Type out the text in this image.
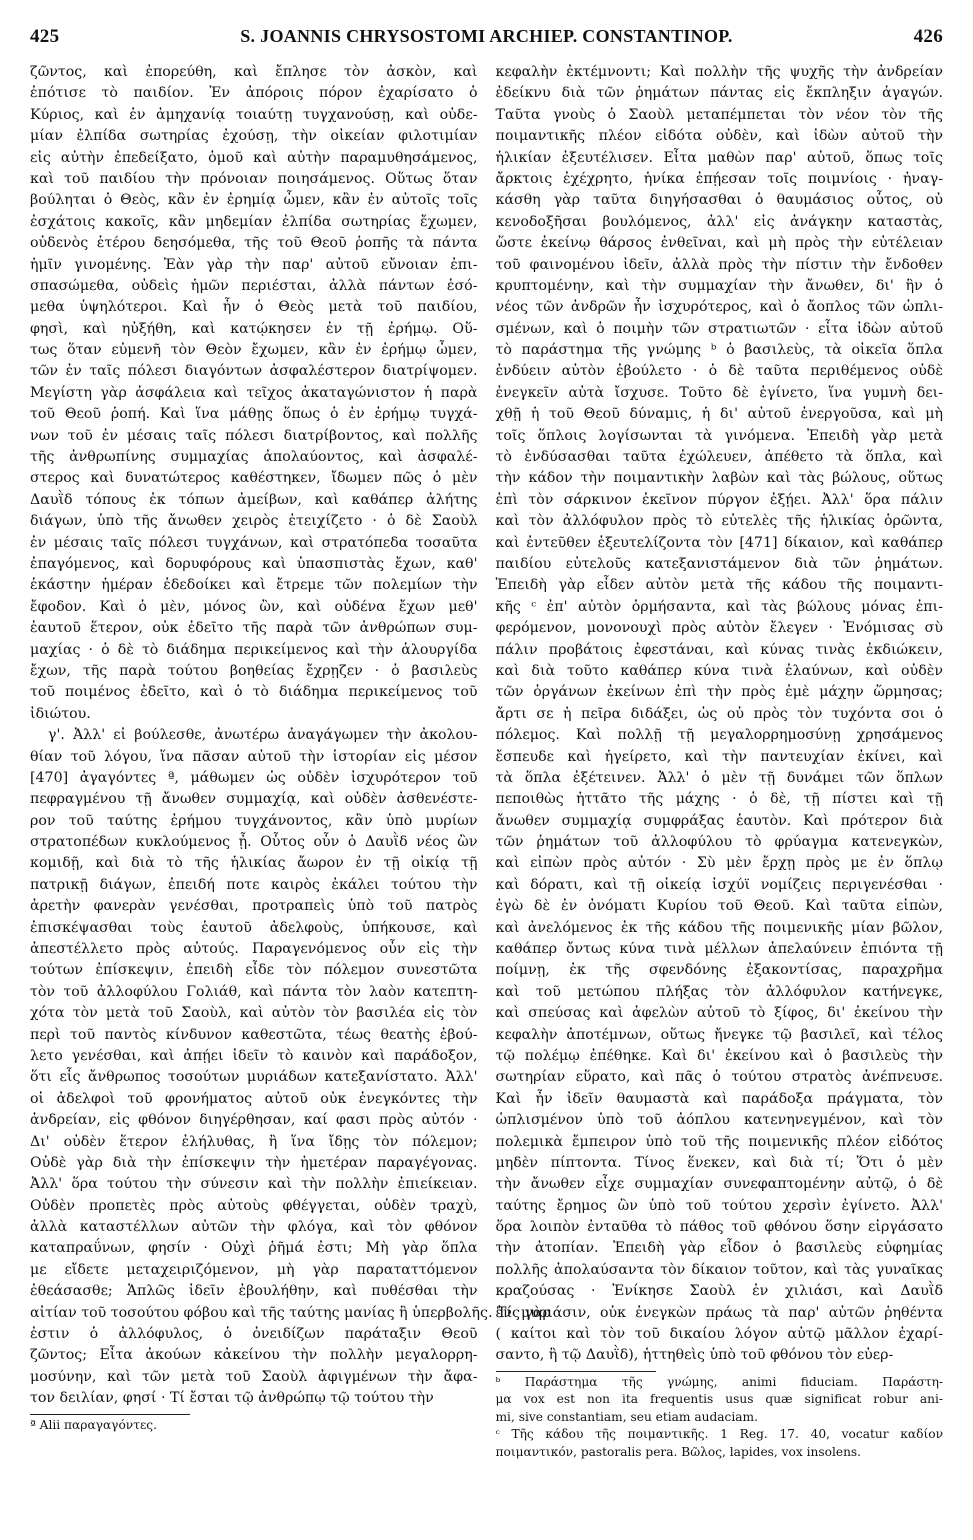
425	S. JOANNIS CHRYSOSTOMI ARCHIEP. CONSTANTINOP.	426
ζῶντος, καὶ ἐπορεύθη, καὶ ἔπλησε τὸν ἀσκὸν, καὶ
ἐπότισε τὸ παιδίον. Ἐν ἀπόροις πόρον ἐχαρίσατο ὁ
Κύριος, καὶ ἐν ἀμηχανίᾳ τοιαύτῃ τυγχανούσῃ, καὶ οὐδε-
μίαν ἐλπίδα σωτηρίας ἐχούσῃ, τὴν οἰκείαν φιλοτιμίαν
εἰς αὐτὴν ἐπεδείξατο, ὁμοῦ καὶ αὐτὴν παραμυθησάμενος,
καὶ τοῦ παιδίου τὴν πρόνοιαν ποιησάμενος. Οὕτως ὅταν
βούληται ὁ Θεὸς, κἂν ἐν ἐρημίᾳ ὦμεν, κἂν ἐν αὐτοῖς τοῖς
ἐσχάτοις κακοῖς, κἂν μηδεμίαν ἐλπίδα σωτηρίας ἔχωμεν,
οὐδενὸς ἑτέρου δεησόμεθα, τῆς τοῦ Θεοῦ ῥοπῆς τὰ πάντα
ἡμῖν γινομένης. Ἐὰν γὰρ τὴν παρ' αὐτοῦ εὔνοιαν ἐπι-
σπασώμεθα, οὐδεὶς ἡμῶν περιέσται, ἀλλὰ πάντων ἐσό-
μεθα ὑψηλότεροι. Καὶ ἦν ὁ Θεὸς μετὰ τοῦ παιδίου,
φησὶ, καὶ ηὐξήθη, καὶ κατῴκησεν ἐν τῇ ἐρήμῳ. Οὕ-
τως ὅταν εὐμενῆ τὸν Θεὸν ἔχωμεν, κἂν ἐν ἐρήμῳ ὦμεν,
τῶν ἐν ταῖς πόλεσι διαγόντων ἀσφαλέστερον διατρίψομεν.
Μεγίστη γὰρ ἀσφάλεια καὶ τεῖχος ἀκαταγώνιστον ἡ παρὰ
τοῦ Θεοῦ ῥοπή. Καὶ ἵνα μάθῃς ὅπως ὁ ἐν ἐρήμῳ τυγχά-
νων τοῦ ἐν μέσαις ταῖς πόλεσι διατρίβοντος, καὶ πολλῆς
τῆς ἀνθρωπίνης συμμαχίας ἀπολαύοντος, καὶ ἀσφαλέ-
στερος καὶ δυνατώτερος καθέστηκεν, ἴδωμεν πῶς ὁ μὲν
Δαυῒδ τόπους ἐκ τόπων ἀμείβων, καὶ καθάπερ ἀλήτης
διάγων, ὑπὸ τῆς ἄνωθεν χειρὸς ἐτειχίζετο · ὁ δὲ Σαοὺλ
ἐν μέσαις ταῖς πόλεσι τυγχάνων, καὶ στρατόπεδα τοσαῦτα
ἐπαγόμενος, καὶ δορυφόρους καὶ ὑπασπιστὰς ἔχων, καθ'
ἑκάστην ἡμέραν ἐδεδοίκει καὶ ἔτρεμε τῶν πολεμίων τὴν
ἔφοδον. Καὶ ὁ μὲν, μόνος ὢν, καὶ οὐδένα ἔχων μεθ'
ἑαυτοῦ ἕτερον, οὐκ ἐδεῖτο τῆς παρὰ τῶν ἀνθρώπων συμ-
μαχίας · ὁ δὲ τὸ διάδημα περικείμενος καὶ τὴν ἁλουργίδα
ἔχων, τῆς παρὰ τούτου βοηθείας ἔχρῃζεν · ὁ βασιλεὺς
τοῦ ποιμένος ἐδεῖτο, καὶ ὁ τὸ διάδημα περικείμενος τοῦ
ἰδιώτου.
γ'. Ἀλλ' εἰ βούλεσθε, ἀνωτέρω ἀναγάγωμεν τὴν ἀκολου-
θίαν τοῦ λόγου, ἵνα πᾶσαν αὐτοῦ τὴν ἱστορίαν εἰς μέσον
[470] ἀγαγόντες ª, μάθωμεν ὡς οὐδὲν ἰσχυρότερον τοῦ
πεφραγμένου τῇ ἄνωθεν συμμαχίᾳ, καὶ οὐδὲν ἀσθενέστε-
ρον τοῦ ταύτης ἐρήμου τυγχάνοντος, κἂν ὑπὸ μυρίων
στρατοπέδων κυκλούμενος ᾖ. Οὗτος οὖν ὁ Δαυῒδ νέος ὢν
κομιδῇ, καὶ διὰ τὸ τῆς ἡλικίας ἄωρον ἐν τῇ οἰκίᾳ τῇ
πατρικῇ διάγων, ἐπειδή ποτε καιρὸς ἐκάλει τούτου τὴν
ἀρετὴν φανερὰν γενέσθαι, προτραπεὶς ὑπὸ τοῦ πατρὸς
ἐπισκέψασθαι τοὺς ἑαυτοῦ ἀδελφοὺς, ὑπήκουσε, καὶ
ἀπεστέλλετο πρὸς αὐτούς. Παραγενόμενος οὖν εἰς τὴν
τούτων ἐπίσκεψιν, ἐπειδὴ εἶδε τὸν πόλεμον συνεστῶτα
τὸν τοῦ ἀλλοφύλου Γολιάθ, καὶ πάντα τὸν λαὸν κατεπτη-
χότα τὸν μετὰ τοῦ Σαοὺλ, καὶ αὐτὸν τὸν βασιλέα εἰς τὸν
περὶ τοῦ παντὸς κίνδυνον καθεστῶτα, τέως θεατὴς ἐβού-
λετο γενέσθαι, καὶ ἀπῄει ἰδεῖν τὸ καινὸν καὶ παράδοξον,
ὅτι εἷς ἄνθρωπος τοσούτων μυριάδων κατεξανίστατο. Ἀλλ'
οἱ ἀδελφοὶ τοῦ φρονήματος αὐτοῦ οὐκ ἐνεγκόντες τὴν
ἀνδρείαν, εἰς φθόνον διηγέρθησαν, καί φασι πρὸς αὐτόν ·
Δι' οὐδὲν ἕτερον ἐλήλυθας, ἢ ἵνα ἴδῃς τὸν πόλεμον;
Οὐδὲ γὰρ διὰ τὴν ἐπίσκεψιν τὴν ἡμετέραν παραγέγονας.
Ἀλλ' ὅρα τούτου τὴν σύνεσιν καὶ τὴν πολλὴν ἐπιείκειαν.
Οὐδὲν προπετὲς πρὸς αὐτοὺς φθέγγεται, οὐδὲν τραχὺ,
ἀλλὰ καταστέλλων αὐτῶν τὴν φλόγα, καὶ τὸν φθόνον
καταπραΰνων, φησίν · Οὐχὶ ῥῆμά ἐστι; Μὴ γὰρ ὅπλα
με εἴδετε μεταχειριζόμενον, μὴ γὰρ παραταττόμενον
ἐθεάσασθε; Ἁπλῶς ἰδεῖν ἐβουλήθην, καὶ πυθέσθαι τὴν
αἰτίαν τοῦ τοσούτου φόβου καὶ τῆς ταύτης μανίας ἢ ὑπερβολῆς. Τίς γὰρ
ἐστιν ὁ ἀλλόφυλος, ὁ ὀνειδίζων παράταξιν Θεοῦ
ζῶντος; Εἶτα ἀκούων κἀκείνου τὴν πολλὴν μεγαλορρη-
μοσύνην, καὶ τῶν μετὰ τοῦ Σαοὺλ ἀφιγμένων τὴν ἄφα-
τον δειλίαν, φησί · Τί ἔσται τῷ ἀνθρώπῳ τῷ τούτου τὴν
ª Alii παραγαγόντες.
κεφαλὴν ἐκτέμνοντι; Καὶ πολλὴν τῆς ψυχῆς τὴν ἀνδρείαν
ἐδείκνυ διὰ τῶν ῥημάτων πάντας εἰς ἔκπληξιν ἀγαγών.
Ταῦτα γνοὺς ὁ Σαοὺλ μεταπέμπεται τὸν νέον τὸν τῆς
ποιμαντικῆς πλέον εἰδότα οὐδὲν, καὶ ἰδὼν αὐτοῦ τὴν
ἡλικίαν ἐξευτέλισεν. Εἶτα μαθὼν παρ' αὐτοῦ, ὅπως τοῖς
ἄρκτοις ἐχέχρητο, ἡνίκα ἐπῄεσαν τοῖς ποιμνίοις · ἠναγ-
κάσθη γὰρ ταῦτα διηγήσασθαι ὁ θαυμάσιος οὗτος, οὐ
κενοδοξῆσαι βουλόμενος, ἀλλ' εἰς ἀνάγκην καταστὰς,
ὥστε ἐκείνῳ θάρσος ἐνθεῖναι, καὶ μὴ πρὸς τὴν εὐτέλειαν
τοῦ φαινομένου ἰδεῖν, ἀλλὰ πρὸς τὴν πίστιν τὴν ἔνδοθεν
κρυπτομένην, καὶ τὴν συμμαχίαν τὴν ἄνωθεν, δι' ἣν ὁ
νέος τῶν ἀνδρῶν ἦν ἰσχυρότερος, καὶ ὁ ἄοπλος τῶν ὡπλι-
σμένων, καὶ ὁ ποιμὴν τῶν στρατιωτῶν · εἶτα ἰδὼν αὐτοῦ
τὸ παράστημα τῆς γνώμης ᵇ ὁ βασιλεὺς, τὰ οἰκεῖα ὅπλα
ἐνδύειν αὐτὸν ἐβούλετο · ὁ δὲ ταῦτα περιθέμενος οὐδὲ
ἐνεγκεῖν αὐτὰ ἴσχυσε. Τοῦτο δὲ ἐγίνετο, ἵνα γυμνὴ δει-
χθῇ ἡ τοῦ Θεοῦ δύναμις, ἡ δι' αὐτοῦ ἐνεργοῦσα, καὶ μὴ
τοῖς ὅπλοις λογίσωνται τὰ γινόμενα. Ἐπειδὴ γὰρ μετὰ
τὸ ἐνδύσασθαι ταῦτα ἐχώλευεν, ἀπέθετο τὰ ὅπλα, καὶ
τὴν κάδον τὴν ποιμαντικὴν λαβὼν καὶ τὰς βώλους, οὕτως
ἐπὶ τὸν σάρκινον ἐκεῖνον πύργον ἐξῄει. Ἀλλ' ὅρα πάλιν
καὶ τὸν ἀλλόφυλον πρὸς τὸ εὐτελὲς τῆς ἡλικίας ὁρῶντα,
καὶ ἐντεῦθεν ἐξευτελίζοντα τὸν [471] δίκαιον, καὶ καθάπερ
παιδίου εὐτελοῦς κατεξανιστάμενον διὰ τῶν ῥημάτων.
Ἐπειδὴ γὰρ εἶδεν αὐτὸν μετὰ τῆς κάδου τῆς ποιμαντι-
κῆς ᶜ ἐπ' αὐτὸν ὁρμήσαντα, καὶ τὰς βώλους μόνας ἐπι-
φερόμενον, μονονουχὶ πρὸς αὐτὸν ἔλεγεν · Ἐνόμισας σὺ
πάλιν προβάτοις ἐφεστάναι, καὶ κύνας τινὰς ἐκδιώκειν,
καὶ διὰ τοῦτο καθάπερ κύνα τινὰ ἐλαύνων, καὶ οὐδὲν
τῶν ὀργάνων ἐκείνων ἐπὶ τὴν πρὸς ἐμὲ μάχην ὥρμησας;
ἄρτι σε ἡ πεῖρα διδάξει, ὡς οὐ πρὸς τὸν τυχόντα σοι ὁ
πόλεμος. Καὶ πολλῇ τῇ μεγαλορρημοσύνῃ χρησάμενος
ἔσπευδε καὶ ἡγείρετο, καὶ τὴν παντευχίαν ἐκίνει, καὶ
τὰ ὅπλα ἐξέτεινεν. Ἀλλ' ὁ μὲν τῇ δυνάμει τῶν ὅπλων
πεποιθὼς ἡττᾶτο τῆς μάχης · ὁ δὲ, τῇ πίστει καὶ τῇ
ἄνωθεν συμμαχίᾳ συμφράξας ἑαυτὸν. Καὶ πρότερον διὰ
τῶν ῥημάτων τοῦ ἀλλοφύλου τὸ φρύαγμα κατενεγκὼν,
καὶ εἰπὼν πρὸς αὐτόν · Σὺ μὲν ἔρχῃ πρὸς με ἐν ὅπλῳ
καὶ δόρατι, καὶ τῇ οἰκείᾳ ἰσχύϊ νομίζεις περιγενέσθαι ·
ἐγὼ δὲ ἐν ὀνόματι Κυρίου τοῦ Θεοῦ. Καὶ ταῦτα εἰπὼν,
καὶ ἀνελόμενος ἐκ τῆς κάδου τῆς ποιμενικῆς μίαν βῶλον,
καθάπερ ὄντως κύνα τινὰ μέλλων ἀπελαύνειν ἐπιόντα τῇ
ποίμνῃ, ἐκ τῆς σφενδόνης ἐξακοντίσας, παραχρῆμα
καὶ τοῦ μετώπου πλήξας τὸν ἀλλόφυλον κατήνεγκε,
καὶ σπεύσας καὶ ἀφελὼν αὐτοῦ τὸ ξίφος, δι' ἐκείνου τὴν
κεφαλὴν ἀποτέμνων, οὕτως ἤνεγκε τῷ βασιλεῖ, καὶ τέλος
τῷ πολέμῳ ἐπέθηκε. Καὶ δι' ἐκείνου καὶ ὁ βασιλεὺς τὴν
σωτηρίαν εὕρατο, καὶ πᾶς ὁ τούτου στρατὸς ἀνέπνευσε.
Καὶ ἦν ἰδεῖν θαυμαστὰ καὶ παράδοξα πράγματα, τὸν
ὡπλισμένον ὑπὸ τοῦ ἀόπλου κατενηνεγμένον, καὶ τὸν
πολεμικὰ ἔμπειρον ὑπὸ τοῦ τῆς ποιμενικῆς πλέον εἰδότος
μηδὲν πίπτοντα. Τίνος ἕνεκεν, καὶ διὰ τί; Ὅτι ὁ μὲν
τὴν ἄνωθεν εἶχε συμμαχίαν συνεφαπτομένην αὐτῷ, ὁ δὲ
ταύτης ἔρημος ὢν ὑπὸ τοῦ τούτου χερσὶν ἐγίνετο. Ἀλλ'
ὅρα λοιπὸν ἐνταῦθα τὸ πάθος τοῦ φθόνου ὅσην εἰργάσατο
τὴν ἀτοπίαν. Ἐπειδὴ γὰρ εἶδον ὁ βασιλεὺς εὐφημίας
πολλῆς ἀπολαύσαντα τὸν δίκαιον τοῦτον, καὶ τὰς γυναῖκας
κραζούσας · Ἐνίκησε Σαοὺλ ἐν χιλιάσι, καὶ Δαυῒδ
ἐν μυριάσιν, οὐκ ἐνεγκὼν πράως τὰ παρ' αὐτῶν ῥηθέντα
( καίτοι καὶ τὸν τοῦ δικαίου λόγον αὐτῷ μᾶλλον ἐχαρί-
σαντο, ἢ τῷ Δαυῒδ), ἡττηθεὶς ὑπὸ τοῦ φθόνου τὸν εὐερ-
ᵇ Παράστημα τῆς γνώμης, animi fiduciam. Παράστη-
μα vox est non ita frequentis usus quæ significat robur ani-
mi, sive constantiam, seu etiam audaciam.
ᶜ Τῆς κάδου τῆς ποιμαντικῆς. 1 Reg. 17. 40, vocatur καδίον
ποιμαντικόν, pastoralis pera. Βῶλος, lapides, vox insolens.
